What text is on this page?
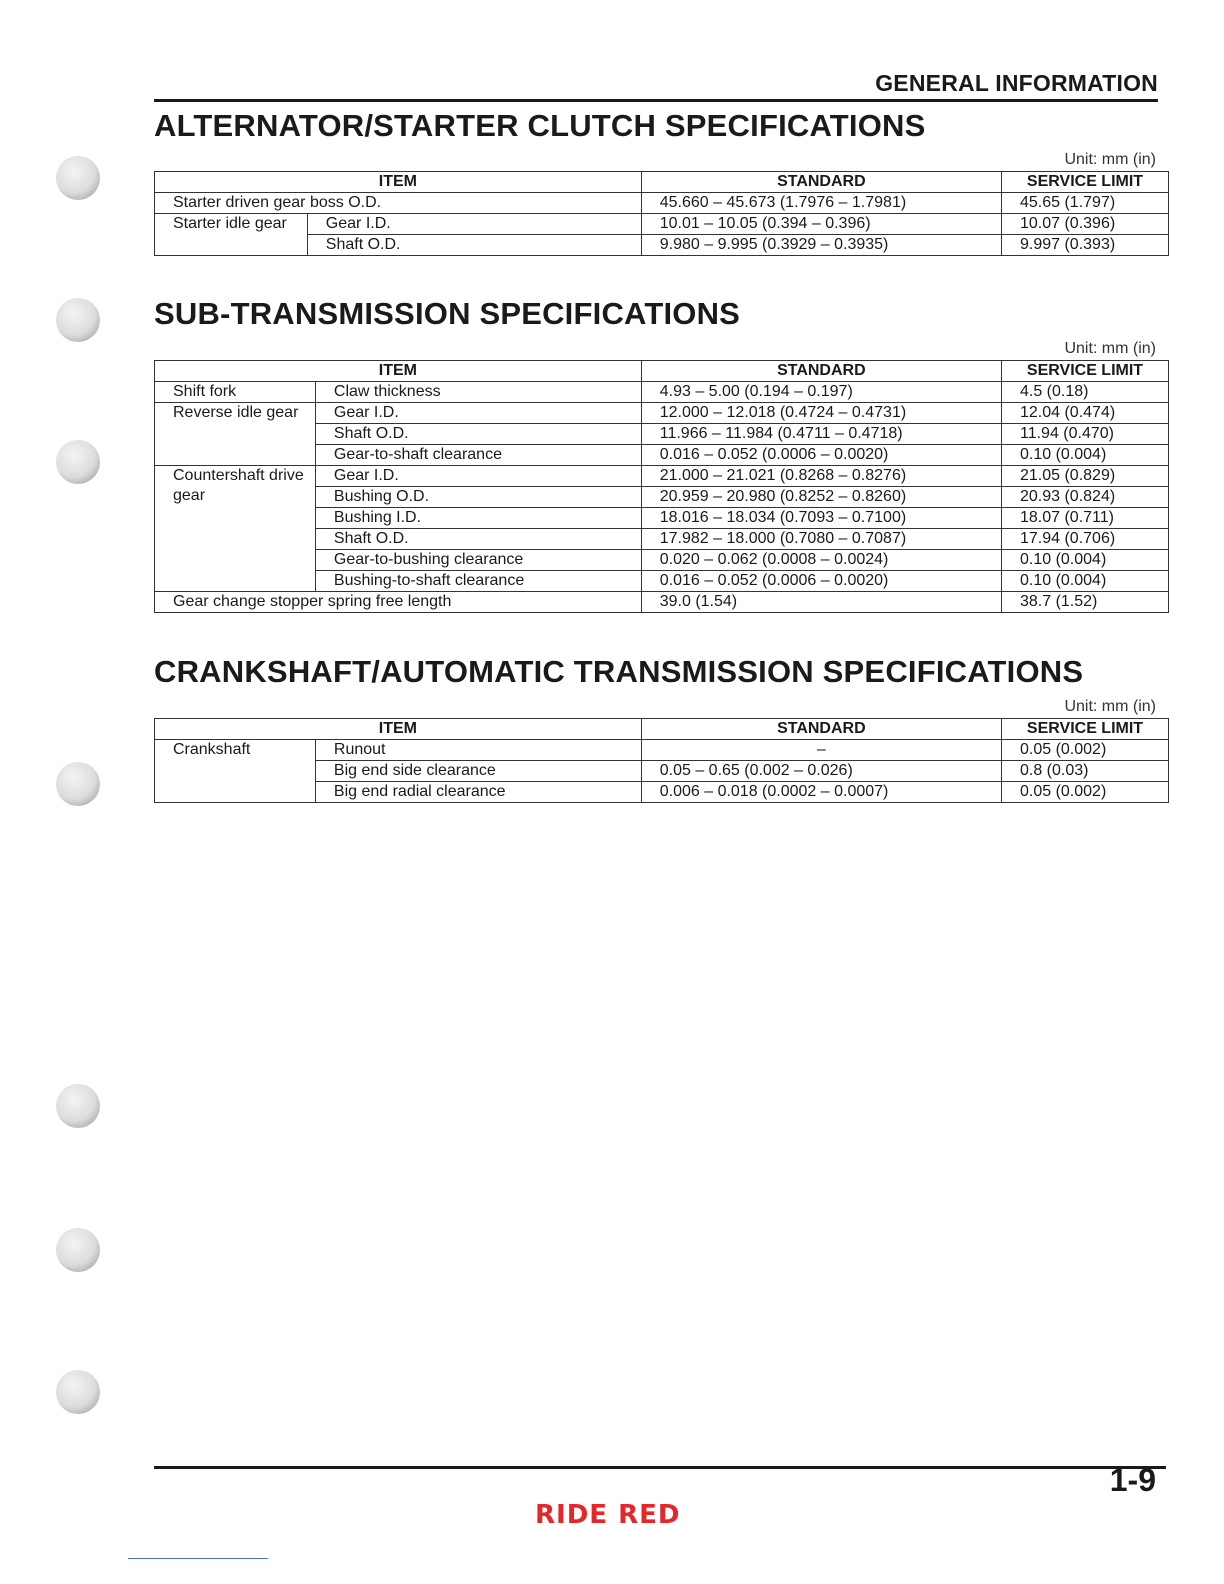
GENERAL INFORMATION
ALTERNATOR/STARTER CLUTCH SPECIFICATIONS
Unit: mm (in)
ITEM		STANDARD	SERVICE LIMIT
Starter driven gear boss O.D.		45.660 – 45.673 (1.7976 – 1.7981)	45.65 (1.797)
Starter idle gear	Gear I.D.	10.01 – 10.05 (0.394 – 0.396)	10.07 (0.396)
	Shaft O.D.	9.980 – 9.995 (0.3929 – 0.3935)	9.997 (0.393)
SUB-TRANSMISSION SPECIFICATIONS
Unit: mm (in)
ITEM		STANDARD	SERVICE LIMIT
Shift fork	Claw thickness	4.93 – 5.00 (0.194 – 0.197)	4.5 (0.18)
Reverse idle gear	Gear I.D.	12.000 – 12.018 (0.4724 – 0.4731)	12.04 (0.474)
	Shaft O.D.	11.966 – 11.984 (0.4711 – 0.4718)	11.94 (0.470)
	Gear-to-shaft clearance	0.016 – 0.052 (0.0006 – 0.0020)	0.10 (0.004)
Countershaft drive gear	Gear I.D.	21.000 – 21.021 (0.8268 – 0.8276)	21.05 (0.829)
	Bushing O.D.	20.959 – 20.980 (0.8252 – 0.8260)	20.93 (0.824)
	Bushing I.D.	18.016 – 18.034 (0.7093 – 0.7100)	18.07 (0.711)
	Shaft O.D.	17.982 – 18.000 (0.7080 – 0.7087)	17.94 (0.706)
	Gear-to-bushing clearance	0.020 – 0.062 (0.0008 – 0.0024)	0.10 (0.004)
	Bushing-to-shaft clearance	0.016 – 0.052 (0.0006 – 0.0020)	0.10 (0.004)
Gear change stopper spring free length		39.0 (1.54)	38.7 (1.52)
CRANKSHAFT/AUTOMATIC TRANSMISSION SPECIFICATIONS
Unit: mm (in)
ITEM		STANDARD	SERVICE LIMIT
Crankshaft	Runout	–	0.05 (0.002)
	Big end side clearance	0.05 – 0.65 (0.002 – 0.026)	0.8 (0.03)
	Big end radial clearance	0.006 – 0.018 (0.0002 – 0.0007)	0.05 (0.002)
1-9
RIDE RED
